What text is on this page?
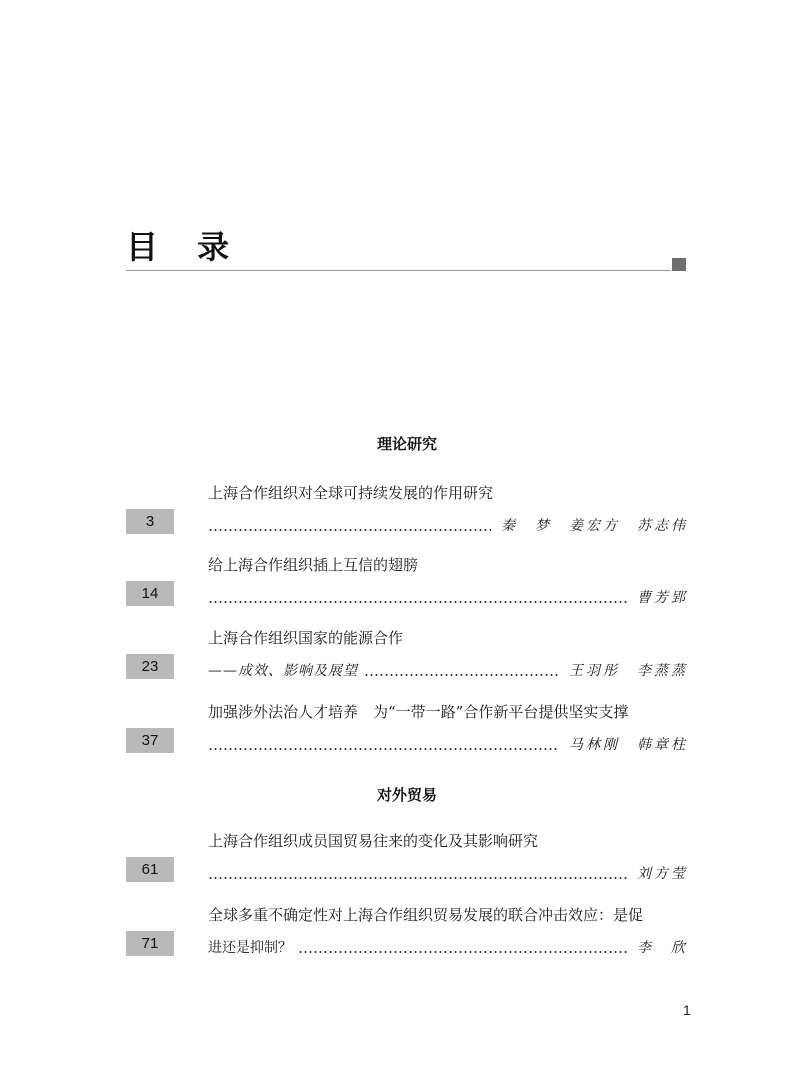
目 录
理论研究
3
上海合作组织对全球可持续发展的作用研究
秦　梦　姜宏方　苏志伟
14
给上海合作组织插上互信的翅膀
曹芳郢
23
上海合作组织国家的能源合作
——成效、影响及展望	王羽彤　李蒸蒸
37
加强涉外法治人才培养　为“一带一路”合作新平台提供坚实支撑
马林刚　韩章柱
对外贸易
61
上海合作组织成员国贸易往来的变化及其影响研究
刘方莹
71
全球多重不确定性对上海合作组织贸易发展的联合冲击效应：是促
进还是抑制？	李　欣
1
